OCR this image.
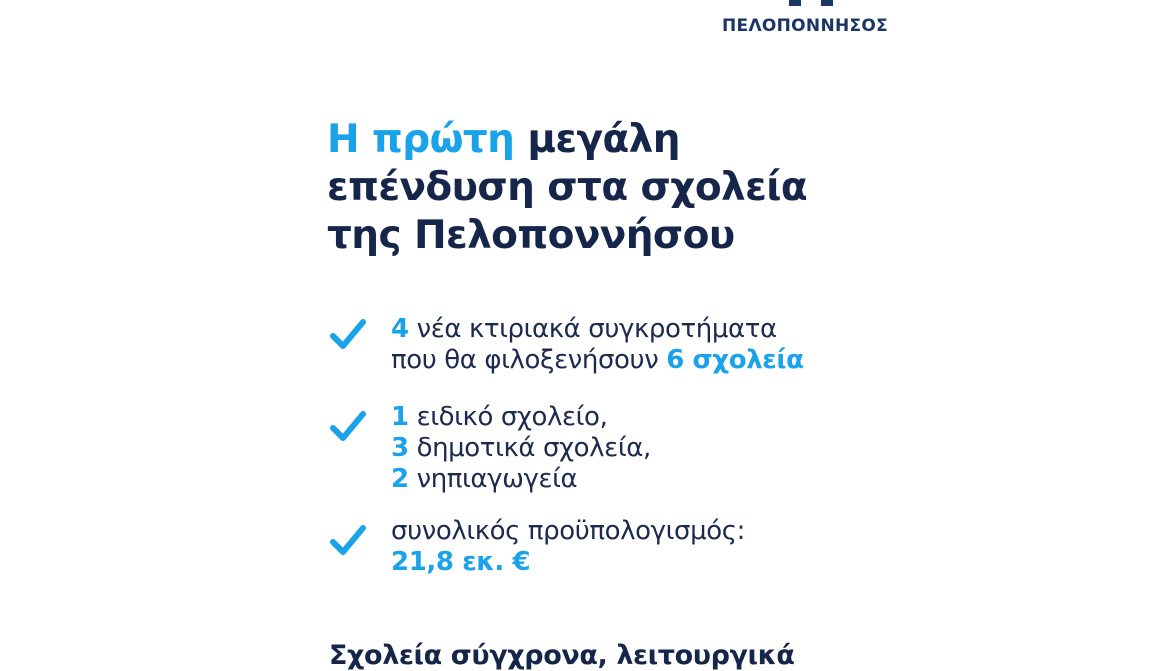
ΠΕΛΟΠΟΝΝΗΣΟΣ
Η πρώτη μεγάλη
επένδυση στα σχολεία
της Πελοποννήσου
4 νέα κτιριακά συγκροτήματα
που θα φιλοξενήσουν 6 σχολεία
1 ειδικό σχολείο,
3 δημοτικά σχολεία,
2 νηπιαγωγεία
συνολικός προϋπολογισμός:
21,8 εκ. €
Σχολεία σύγχρονα, λειτουργικά
